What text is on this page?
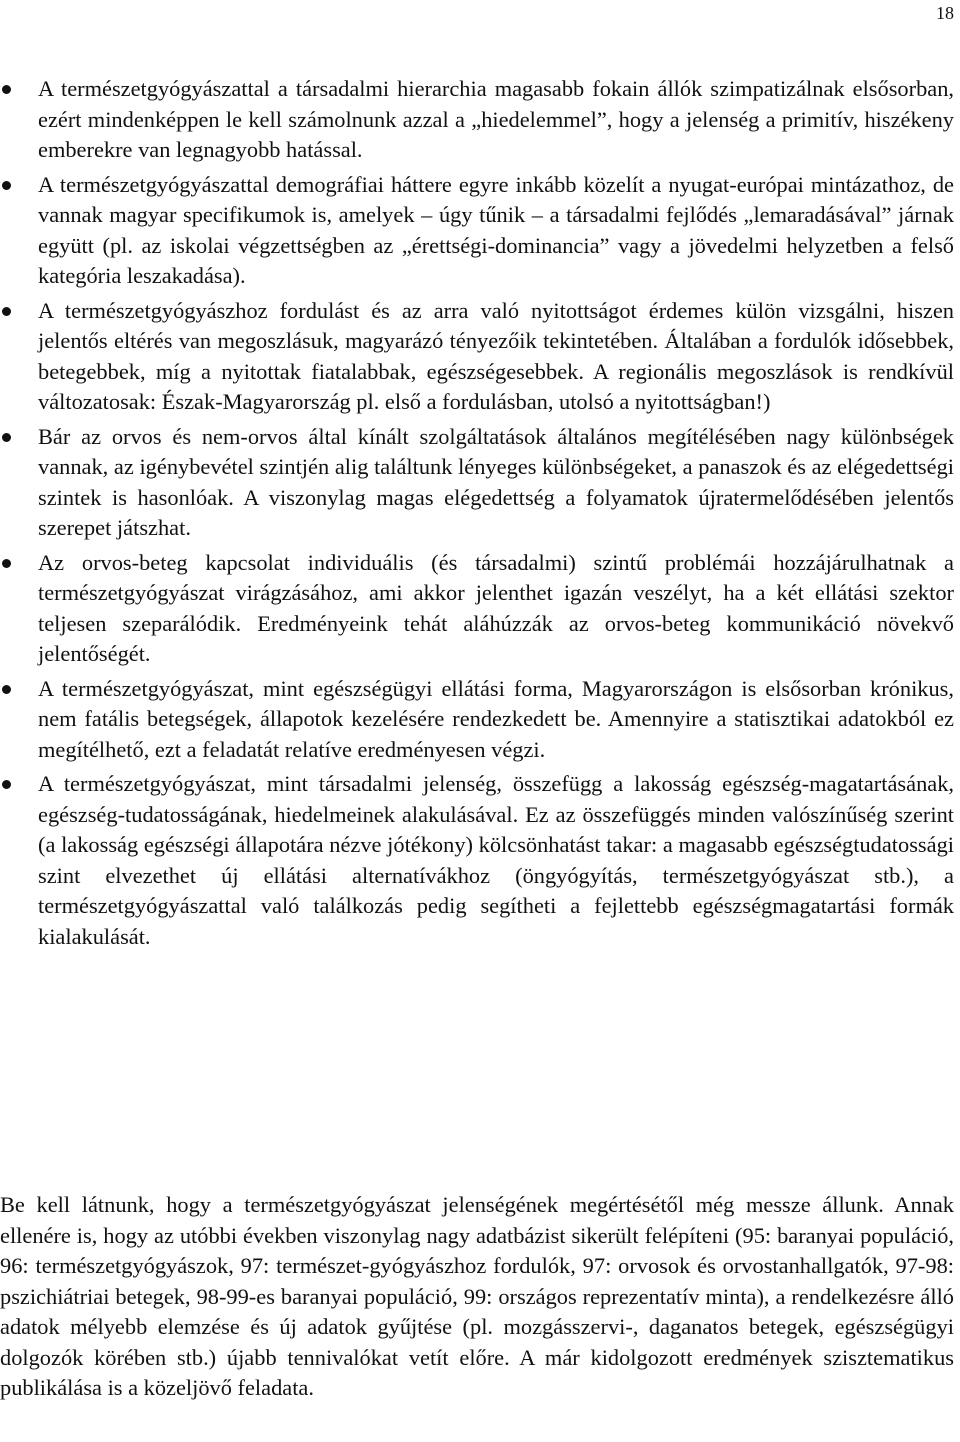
18
A természetgyógyászattal a társadalmi hierarchia magasabb fokain állók szimpatizálnak elsősorban, ezért mindenképpen le kell számolnunk azzal a „hiedelemmel”, hogy a jelenség a primitív, hiszékeny emberekre van legnagyobb hatással.
A természetgyógyászattal demográfiai háttere egyre inkább közelít a nyugat-európai mintázathoz, de vannak magyar specifikumok is, amelyek – úgy tűnik – a társadalmi fejlődés „lemaradásával” járnak együtt (pl. az iskolai végzettségben az „érettségi-dominancia” vagy a jövedelmi helyzetben a felső kategória leszakadása).
A természetgyógyászhoz fordulást és az arra való nyitottságot érdemes külön vizsgálni, hiszen jelentős eltérés van megoszlásuk, magyarázó tényezőik tekintetében. Általában a fordulók idősebbek, betegebbek, míg a nyitottak fiatalabbak, egészségesebbek. A regionális megoszlások is rendkívül változatosak: Észak-Magyarország pl. első a fordulásban, utolsó a nyitottságban!)
Bár az orvos és nem-orvos által kínált szolgáltatások általános megítélésében nagy különbségek vannak, az igénybevétel szintjén alig találtunk lényeges különbségeket, a panaszok és az elégedettségi szintek is hasonlóak. A viszonylag magas elégedettség a folyamatok újratermelődésében jelentős szerepet játszhat.
Az orvos-beteg kapcsolat individuális (és társadalmi) szintű problémái hozzájárulhatnak a természetgyógyászat virágzásához, ami akkor jelenthet igazán veszélyt, ha a két ellátási szektor teljesen szeparálódik. Eredményeink tehát aláhúzzák az orvos-beteg kommunikáció növekvő jelentőségét.
A természetgyógyászat, mint egészségügyi ellátási forma, Magyarországon is elsősorban krónikus, nem fatális betegségek, állapotok kezelésére rendezkedett be. Amennyire a statisztikai adatokból ez megítélhető, ezt a feladatát relatíve eredményesen végzi.
A természetgyógyászat, mint társadalmi jelenség, összefügg a lakosság egészség-magatartásának, egészség-tudatosságának, hiedelmeinek alakulásával. Ez az összefüggés minden valószínűség szerint (a lakosság egészségi állapotára nézve jótékony) kölcsönhatást takar: a magasabb egészségtudatossági szint elvezethet új ellátási alternatívákhoz (öngyógyítás, természetgyógyászat stb.), a természetgyógyászattal való találkozás pedig segítheti a fejlettebb egészségmagatartási formák kialakulását.

Be kell látnunk, hogy a természetgyógyászat jelenségének megértésétől még messze állunk. Annak ellenére is, hogy az utóbbi években viszonylag nagy adatbázist sikerült felépíteni (95: baranyai populáció, 96: természetgyógyászok, 97: természet-gyógyászhoz fordulók, 97: orvosok és orvostanhallgatók, 97-98: pszichiátriai betegek, 98-99-es baranyai populáció, 99: országos reprezentatív minta), a rendelkezésre álló adatok mélyebb elemzése és új adatok gyűjtése (pl. mozgásszervi-, daganatos betegek, egészségügyi dolgozók körében stb.) újabb tennivalókat vetít előre. A már kidolgozott eredmények szisztematikus publikálása is a közeljövő feladata.
